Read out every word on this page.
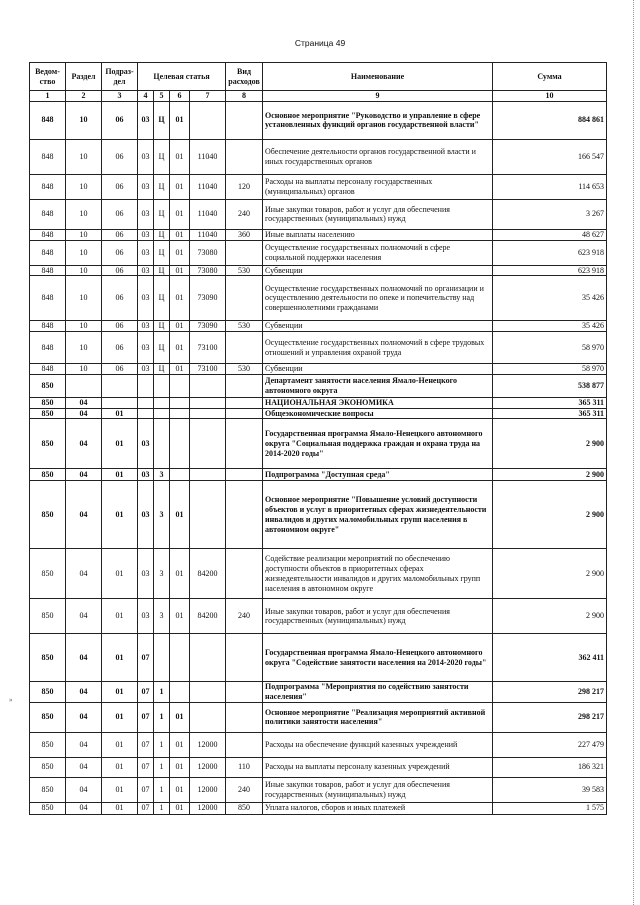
Страница 49
Ведом-ство	Раздел	Подраз-дел	Целевая статья				Вид расходов	Наименование	Сумма
1	2	3	4	5	6	7	8	9	10
848	10	06	03	Ц	01			Основное мероприятие "Руководство и управление в сфере установленных функций органов государственной власти"	884 861
848	10	06	03	Ц	01	11040		Обеспечение деятельности органов государственной власти и иных государственных органов	166 547
848	10	06	03	Ц	01	11040	120	Расходы на выплаты персоналу государственных (муниципальных) органов	114 653
848	10	06	03	Ц	01	11040	240	Иные закупки товаров, работ и услуг для обеспечения государственных (муниципальных) нужд	3 267
848	10	06	03	Ц	01	11040	360	Иные выплаты населению	48 627
848	10	06	03	Ц	01	73080		Осуществление государственных полномочий в сфере социальной поддержки населения	623 918
848	10	06	03	Ц	01	73080	530	Субвенции	623 918
848	10	06	03	Ц	01	73090		Осуществление государственных полномочий по организации и осуществлению деятельности по опеке и попечительству над совершеннолетними гражданами	35 426
848	10	06	03	Ц	01	73090	530	Субвенции	35 426
848	10	06	03	Ц	01	73100		Осуществление государственных полномочий в сфере трудовых отношений и управления охраной труда	58 970
848	10	06	03	Ц	01	73100	530	Субвенции	58 970
850								Департамент занятости населения Ямало-Ненецкого автономного округа	538 877
850	04							НАЦИОНАЛЬНАЯ ЭКОНОМИКА	365 311
850	04	01						Общеэкономические вопросы	365 311
850	04	01	03					Государственная программа Ямало-Ненецкого автономного округа "Социальная поддержка граждан и охрана труда на 2014-2020 годы"	2 900
850	04	01	03	3				Подпрограмма "Доступная среда"	2 900
850	04	01	03	3	01			Основное мероприятие "Повышение условий доступности объектов и услуг в приоритетных сферах жизнедеятельности инвалидов и других маломобильных групп населения в автономном округе"	2 900
850	04	01	03	3	01	84200		Содействие реализации мероприятий по обеспечению доступности объектов в приоритетных сферах жизнедеятельности инвалидов и других маломобильных групп населения в автономном округе	2 900
850	04	01	03	3	01	84200	240	Иные закупки товаров, работ и услуг для обеспечения государственных (муниципальных) нужд	2 900
850	04	01	07					Государственная программа Ямало-Ненецкого автономного округа "Содействие занятости населения на 2014-2020 годы"	362 411
850	04	01	07	1				Подпрограмма "Мероприятия по содействию занятости населения"	298 217
850	04	01	07	1	01			Основное мероприятие "Реализация мероприятий активной политики занятости населения"	298 217
850	04	01	07	1	01	12000		Расходы на обеспечение функций казенных учреждений	227 479
850	04	01	07	1	01	12000	110	Расходы на выплаты персоналу казенных учреждений	186 321
850	04	01	07	1	01	12000	240	Иные закупки товаров, работ и услуг для обеспечения государственных (муниципальных) нужд	39 583
850	04	01	07	1	01	12000	850	Уплата налогов, сборов и иных платежей	1 575
»
